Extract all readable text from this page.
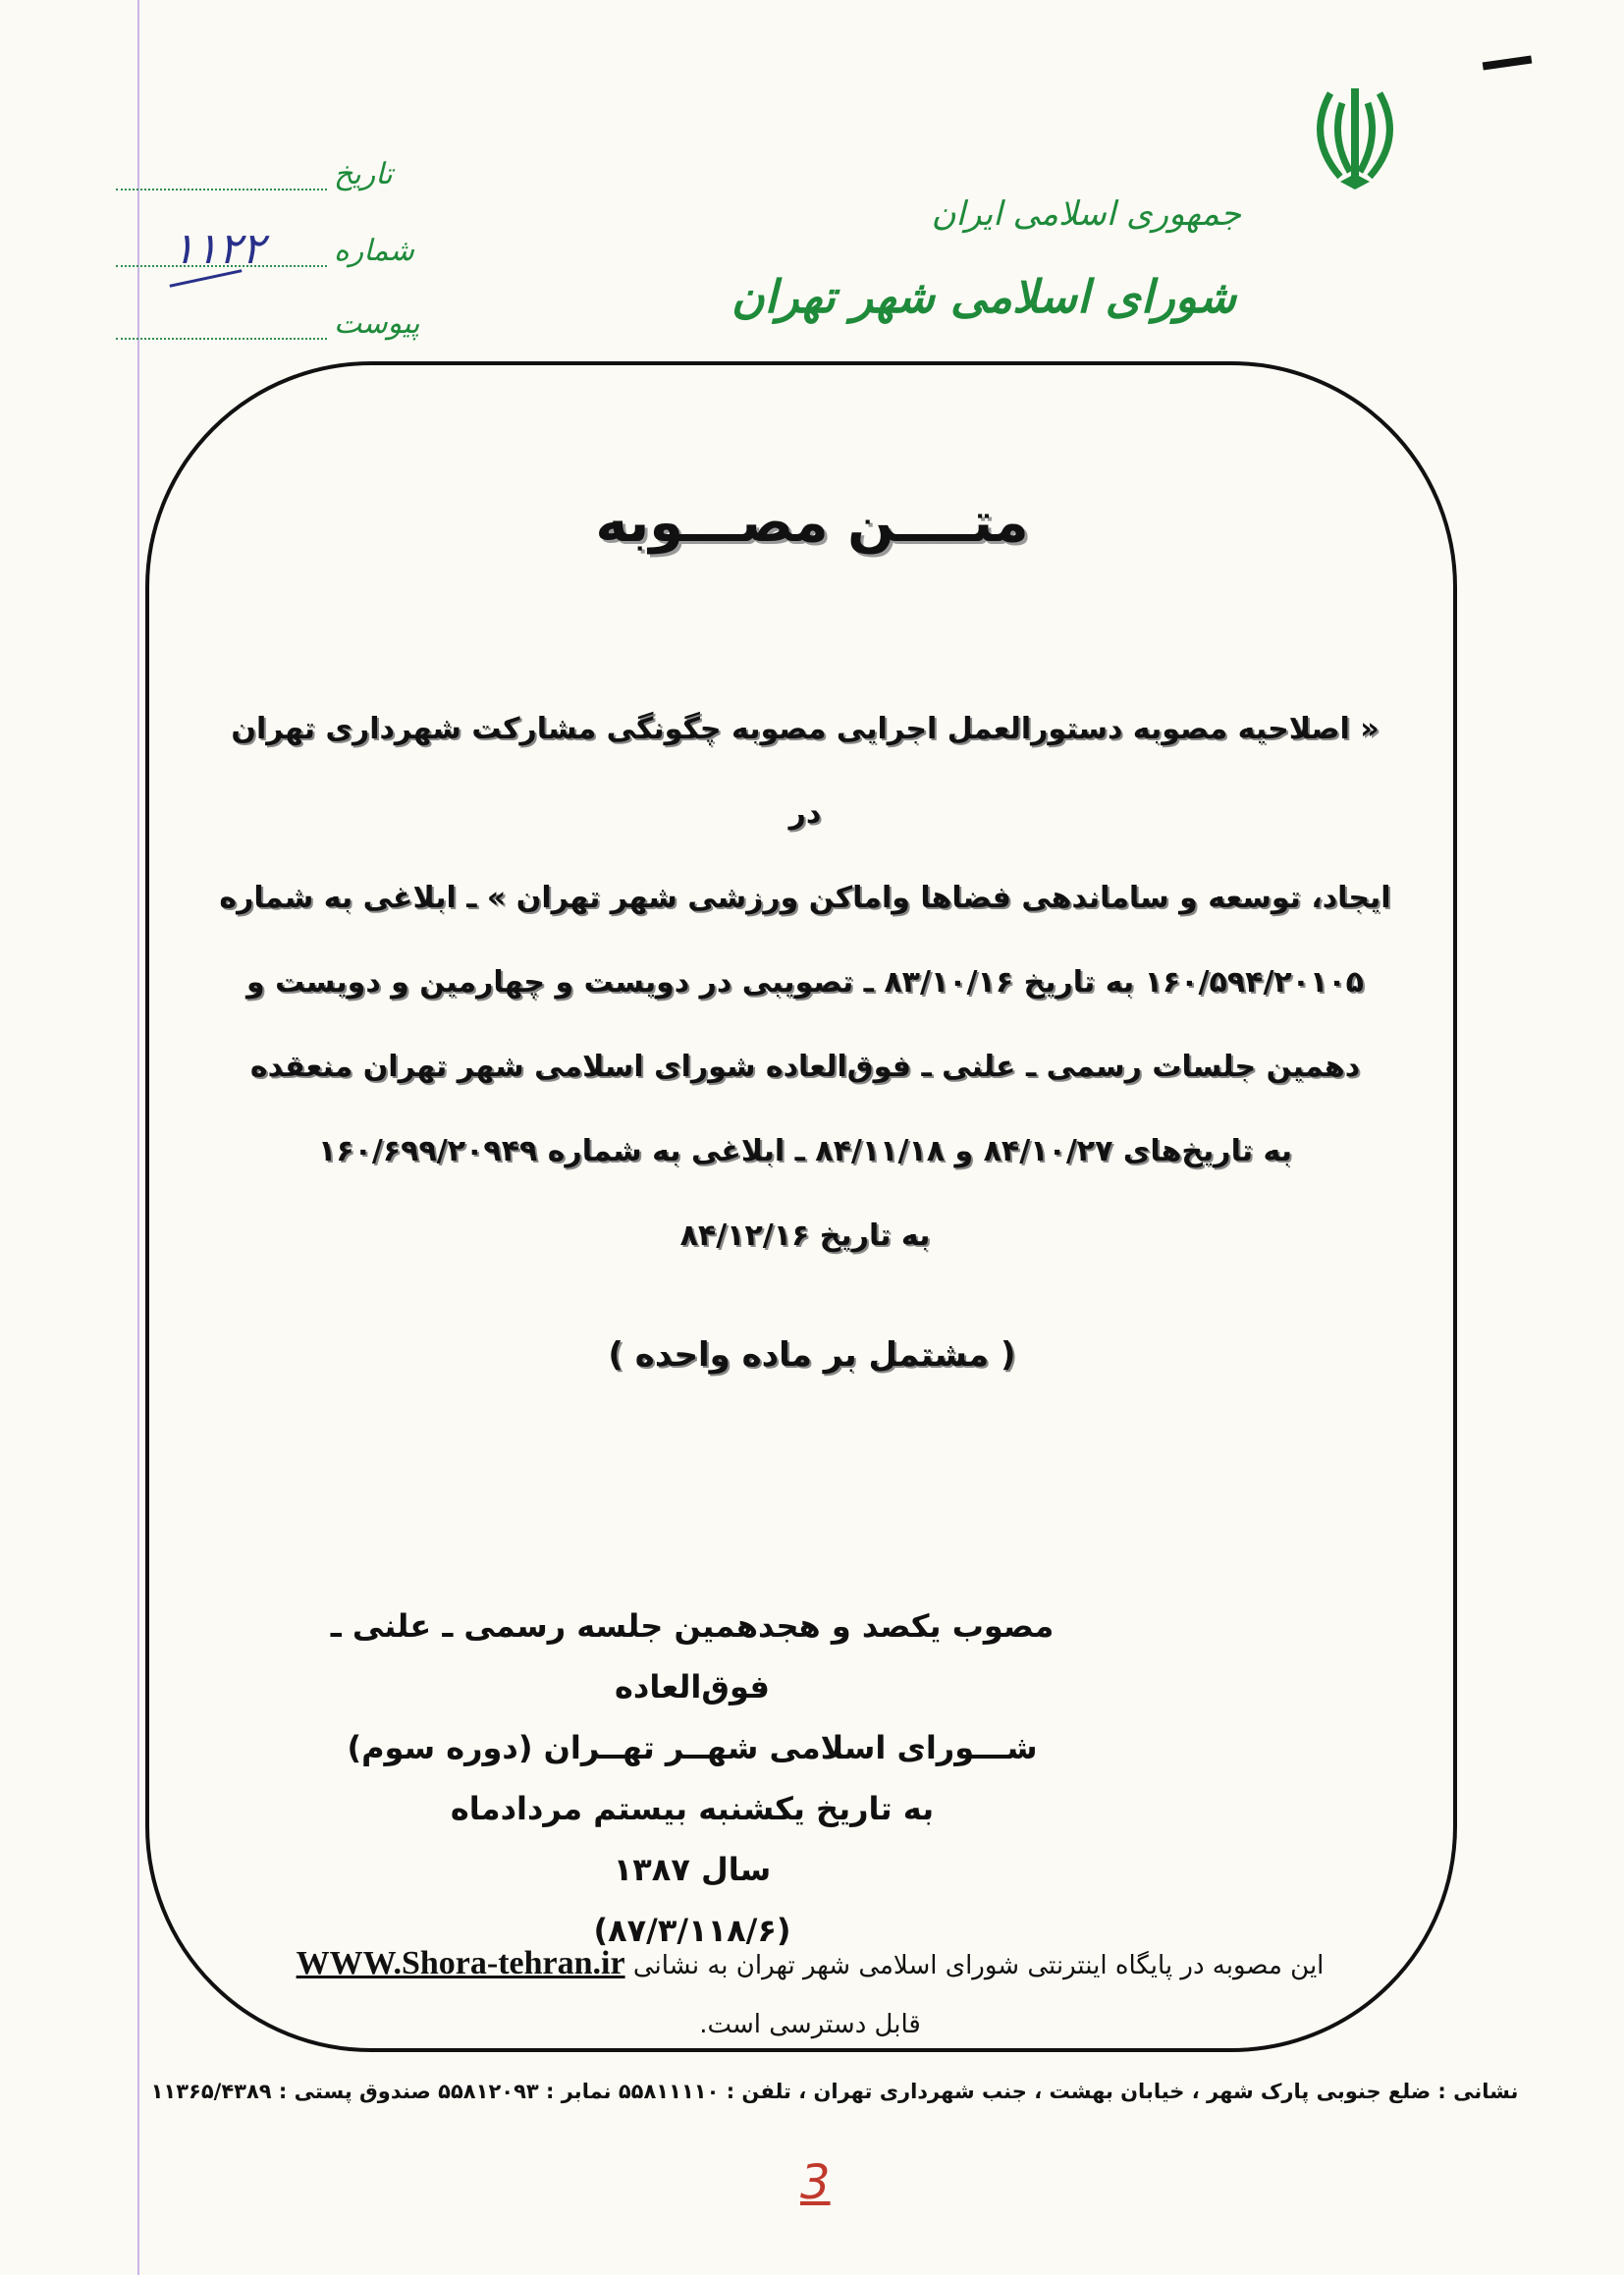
جمهوری اسلامی ایران
شورای اسلامی شهر تهران
تاریخ
شماره
۱۱۲۲
پیوست
متــــن مصـــوبه
« اصلاحیه مصوبه دستورالعمل اجرایی مصوبه چگونگی مشارکت شهرداری تهران در
ایجاد، توسعه و ساماندهی فضاها واماکن ورزشی شهر تهران » ـ ابلاغی به شماره
۱۶۰/۵۹۴/۲۰۱۰۵ به تاریخ ۸۳/۱۰/۱۶ ـ تصویبی در دویست و چهارمین و دویست و
دهمین جلسات رسمی ـ علنی ـ فوق‌العاده شورای اسلامی شهر تهران منعقده
به تاریخ‌های ۸۴/۱۰/۲۷ و ۸۴/۱۱/۱۸ ـ ابلاغی به شماره ۱۶۰/۶۹۹/۲۰۹۴۹
به تاریخ ۸۴/۱۲/۱۶
( مشتمل بر ماده واحده )
مصوب یکصد و هجدهمین جلسه رسمی ـ علنی ـ فوق‌العاده
شـــورای اسلامی شهــر تهــران (دوره سوم)
به تاریخ یکشنبه بیستم مردادماه
سال ۱۳۸۷
(۸۷/۳/۱۱۸/۶)
این مصوبه در پایگاه اینترنتی شورای اسلامی شهر تهران به نشانی WWW.Shora-tehran.ir
قابل دسترسی است.
نشانی : ضلع جنوبی پارک شهر ، خیابان بهشت ، جنب شهرداری تهران ، تلفن : ۵۵۸۱۱۱۱۰ نمابر : ۵۵۸۱۲۰۹۳ صندوق پستی : ۱۱۳۶۵/۴۳۸۹
3
